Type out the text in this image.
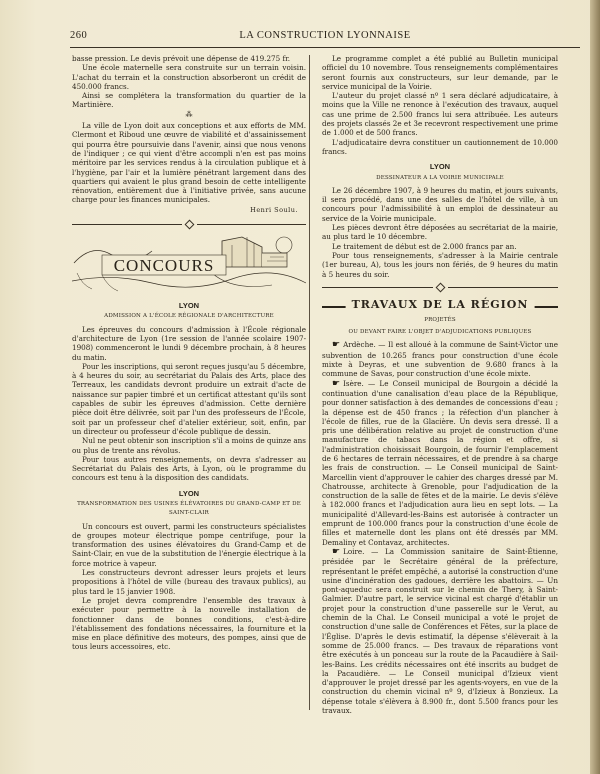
260	LA CONSTRUCTION LYONNAISE

basse pression. Le devis prévoit une dépense de 419.275 fr.

Une école maternelle sera construite sur un terrain voisin. L'achat du terrain et la construction absorberont un crédit de 450.000 francs.

Ainsi se complétera la transformation du quartier de la Martinière.

⁂

La ville de Lyon doit aux conceptions et aux efforts de MM. Clermont et Riboud une œuvre de viabilité et d'assainissement qui pourra être poursuivie dans l'avenir, ainsi que nous venons de l'indiquer ; ce qui vient d'être accompli n'en est pas moins méritoire par les services rendus à la circulation publique et à l'hygiène, par l'air et la lumière pénétrant largement dans des quartiers qui avaient le plus grand besoin de cette intelligente rénovation, entièrement due à l'initiative privée, sans aucune charge pour les finances municipales.

Henri Soulu.
CONCOURS
LYON
ADMISSION A L'ÉCOLE RÉGIONALE D'ARCHITECTURE

Les épreuves du concours d'admission à l'École régionale d'architecture de Lyon (1re session de l'année scolaire 1907-1908) commenceront le lundi 9 décembre prochain, à 8 heures du matin.

Pour les inscriptions, qui seront reçues jusqu'au 5 décembre, à 4 heures du soir, au secrétariat du Palais des Arts, place des Terreaux, les candidats devront produire un extrait d'acte de naissance sur papier timbré et un certificat attestant qu'ils sont capables de subir les épreuves d'admission. Cette dernière pièce doit être délivrée, soit par l'un des professeurs de l'École, soit par un professeur chef d'atelier extérieur, soit, enfin, par un directeur ou professeur d'école publique de dessin.

Nul ne peut obtenir son inscription s'il a moins de quinze ans ou plus de trente ans révolus.

Pour tous autres renseignements, on devra s'adresser au Secrétariat du Palais des Arts, à Lyon, où le programme du concours est tenu à la disposition des candidats.

LYON
TRANSFORMATION DES USINES ÉLÉVATOIRES DU GRAND-CAMP ET DE SAINT-CLAIR

Un concours est ouvert, parmi les constructeurs spécialistes de groupes moteur électrique pompe centrifuge, pour la transformation des usines élévatoires du Grand-Camp et de Saint-Clair, en vue de la substitution de l'énergie électrique à la force motrice à vapeur.

Les constructeurs devront adresser leurs projets et leurs propositions à l'hôtel de ville (bureau des travaux publics), au plus tard le 15 janvier 1908.

Le projet devra comprendre l'ensemble des travaux à exécuter pour permettre à la nouvelle installation de fonctionner dans de bonnes conditions, c'est-à-dire l'établissement des fondations nécessaires, la fourniture et la mise en place définitive des moteurs, des pompes, ainsi que de tous leurs accessoires, etc.

Le programme complet a été publié au Bulletin municipal officiel du 10 novembre. Tous renseignements complémentaires seront fournis aux constructeurs, sur leur demande, par le service municipal de la Voirie.

L'auteur du projet classé nº 1 sera déclaré adjudicataire, à moins que la Ville ne renonce à l'exécution des travaux, auquel cas une prime de 2.500 francs lui sera attribuée. Les auteurs des projets classés 2e et 3e recevront respectivement une prime de 1.000 et de 500 francs.

L'adjudicataire devra constituer un cautionnement de 10.000 francs.

LYON
DESSINATEUR A LA VOIRIE MUNICIPALE

Le 26 décembre 1907, à 9 heures du matin, et jours suivants, il sera procédé, dans une des salles de l'hôtel de ville, à un concours pour l'admissibilité à un emploi de dessinateur au service de la Voirie municipale.

Les pièces devront être déposées au secrétariat de la mairie, au plus tard le 10 décembre.

Le traitement de début est de 2.000 francs par an.

Pour tous renseignements, s'adresser à la Mairie centrale (1er bureau, A), tous les jours non fériés, de 9 heures du matin à 5 heures du soir.

TRAVAUX DE LA RÉGION
PROJETÉS
OU DEVANT FAIRE L'OBJET D'ADJUDICATIONS PUBLIQUES

☛ Ardèche. — Il est alloué à la commune de Saint-Victor une subvention de 10.265 francs pour construction d'une école mixte à Deyras, et une subvention de 9.680 francs à la commune de Savas, pour construction d'une école mixte.

☛ Isère. — Le Conseil municipal de Bourgoin a décidé la continuation d'une canalisation d'eau place de la République, pour donner satisfaction à des demandes de concessions d'eau ; la dépense est de 450 francs ; la réfection d'un plancher à l'école de filles, rue de la Glacière. Un devis sera dressé. Il a pris une délibération relative au projet de construction d'une manufacture de tabacs dans la région et offre, si l'administration choisissait Bourgoin, de fournir l'emplacement de 6 hectares de terrain nécessaires, et de prendre à sa charge les frais de construction. — Le Conseil municipal de Saint-Marcellin vient d'approuver le cahier des charges dressé par M. Chatrousse, architecte à Grenoble, pour l'adjudication de la construction de la salle de fêtes et de la mairie. Le devis s'élève à 182.000 francs et l'adjudication aura lieu en sept lots. — La municipalité d'Allevard-les-Bains est autorisée à contracter un emprunt de 100.000 francs pour la construction d'une école de filles et maternelle dont les plans ont été dressés par MM. Demaliny et Contavaz, architectes.

☛ Loire. — La Commission sanitaire de Saint-Étienne, présidée par le Secrétaire général de la préfecture, représentant le préfet empêché, a autorisé la construction d'une usine d'incinération des gadoues, derrière les abattoirs. — Un pont-aqueduc sera construit sur le chemin de Thery, à Saint-Galmier. D'autre part, le service vicinal est chargé d'établir un projet pour la construction d'une passerelle sur le Verut, au chemin de la Chal. Le Conseil municipal a voté le projet de construction d'une salle de Conférences et Fêtes, sur la place de l'Église. D'après le devis estimatif, la dépense s'élèverait à la somme de 25.000 francs. — Des travaux de réparations vont être exécutés à un ponceau sur la route de la Pacaudière à Sail-les-Bains. Les crédits nécessaires ont été inscrits au budget de la Pacaudière. — Le Conseil municipal d'Izieux vient d'approuver le projet dressé par les agents-voyers, en vue de la construction du chemin vicinal nº 9, d'Izieux à Bonzieux. La dépense totale s'élèvera à 8.900 fr., dont 5.500 francs pour les travaux.
